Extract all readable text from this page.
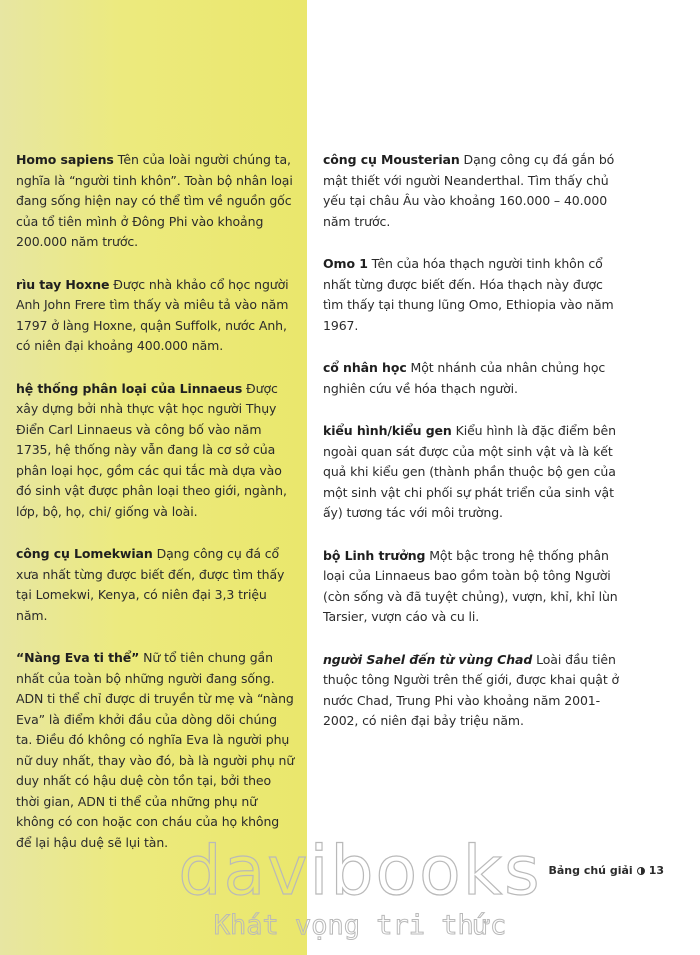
Homo sapiens Tên của loài người chúng ta, nghĩa là “người tinh khôn”. Toàn bộ nhân loại đang sống hiện nay có thể tìm về nguồn gốc của tổ tiên mình ở Đông Phi vào khoảng 200.000 năm trước.

rìu tay Hoxne Được nhà khảo cổ học người Anh John Frere tìm thấy và miêu tả vào năm 1797 ở làng Hoxne, quận Suffolk, nước Anh, có niên đại khoảng 400.000 năm.

hệ thống phân loại của Linnaeus Được xây dựng bởi nhà thực vật học người Thụy Điển Carl Linnaeus và công bố vào năm 1735, hệ thống này vẫn đang là cơ sở của phân loại học, gồm các qui tắc mà dựa vào đó sinh vật được phân loại theo giới, ngành, lớp, bộ, họ, chi/ giống và loài.

công cụ Lomekwian Dạng công cụ đá cổ xưa nhất từng được biết đến, được tìm thấy tại Lomekwi, Kenya, có niên đại 3,3 triệu năm.

“Nàng Eva ti thể” Nữ tổ tiên chung gần nhất của toàn bộ những người đang sống. ADN ti thể chỉ được di truyền từ mẹ và “nàng Eva” là điểm khởi đầu của dòng dõi chúng ta. Điều đó không có nghĩa Eva là người phụ nữ duy nhất, thay vào đó, bà là người phụ nữ duy nhất có hậu duệ còn tồn tại, bởi theo thời gian, ADN ti thể của những phụ nữ không có con hoặc con cháu của họ không để lại hậu duệ sẽ lụi tàn.

công cụ Mousterian Dạng công cụ đá gắn bó mật thiết với người Neanderthal. Tìm thấy chủ yếu tại châu Âu vào khoảng 160.000 – 40.000 năm trước.

Omo 1 Tên của hóa thạch người tinh khôn cổ nhất từng được biết đến. Hóa thạch này được tìm thấy tại thung lũng Omo, Ethiopia vào năm 1967.

cổ nhân học Một nhánh của nhân chủng học nghiên cứu về hóa thạch người.

kiểu hình/kiểu gen Kiểu hình là đặc điểm bên ngoài quan sát được của một sinh vật và là kết quả khi kiểu gen (thành phần thuộc bộ gen của một sinh vật chi phối sự phát triển của sinh vật ấy) tương tác với môi trường.

bộ Linh trưởng Một bậc trong hệ thống phân loại của Linnaeus bao gồm toàn bộ tông Người (còn sống và đã tuyệt chủng), vượn, khỉ, khỉ lùn Tarsier, vượn cáo và cu li.

người Sahel đến từ vùng Chad Loài đầu tiên thuộc tông Người trên thế giới, được khai quật ở nước Chad, Trung Phi vào khoảng năm 2001-2002, có niên đại bảy triệu năm.

davibooks
Khát vọng tri thức
Bảng chú giải 13
